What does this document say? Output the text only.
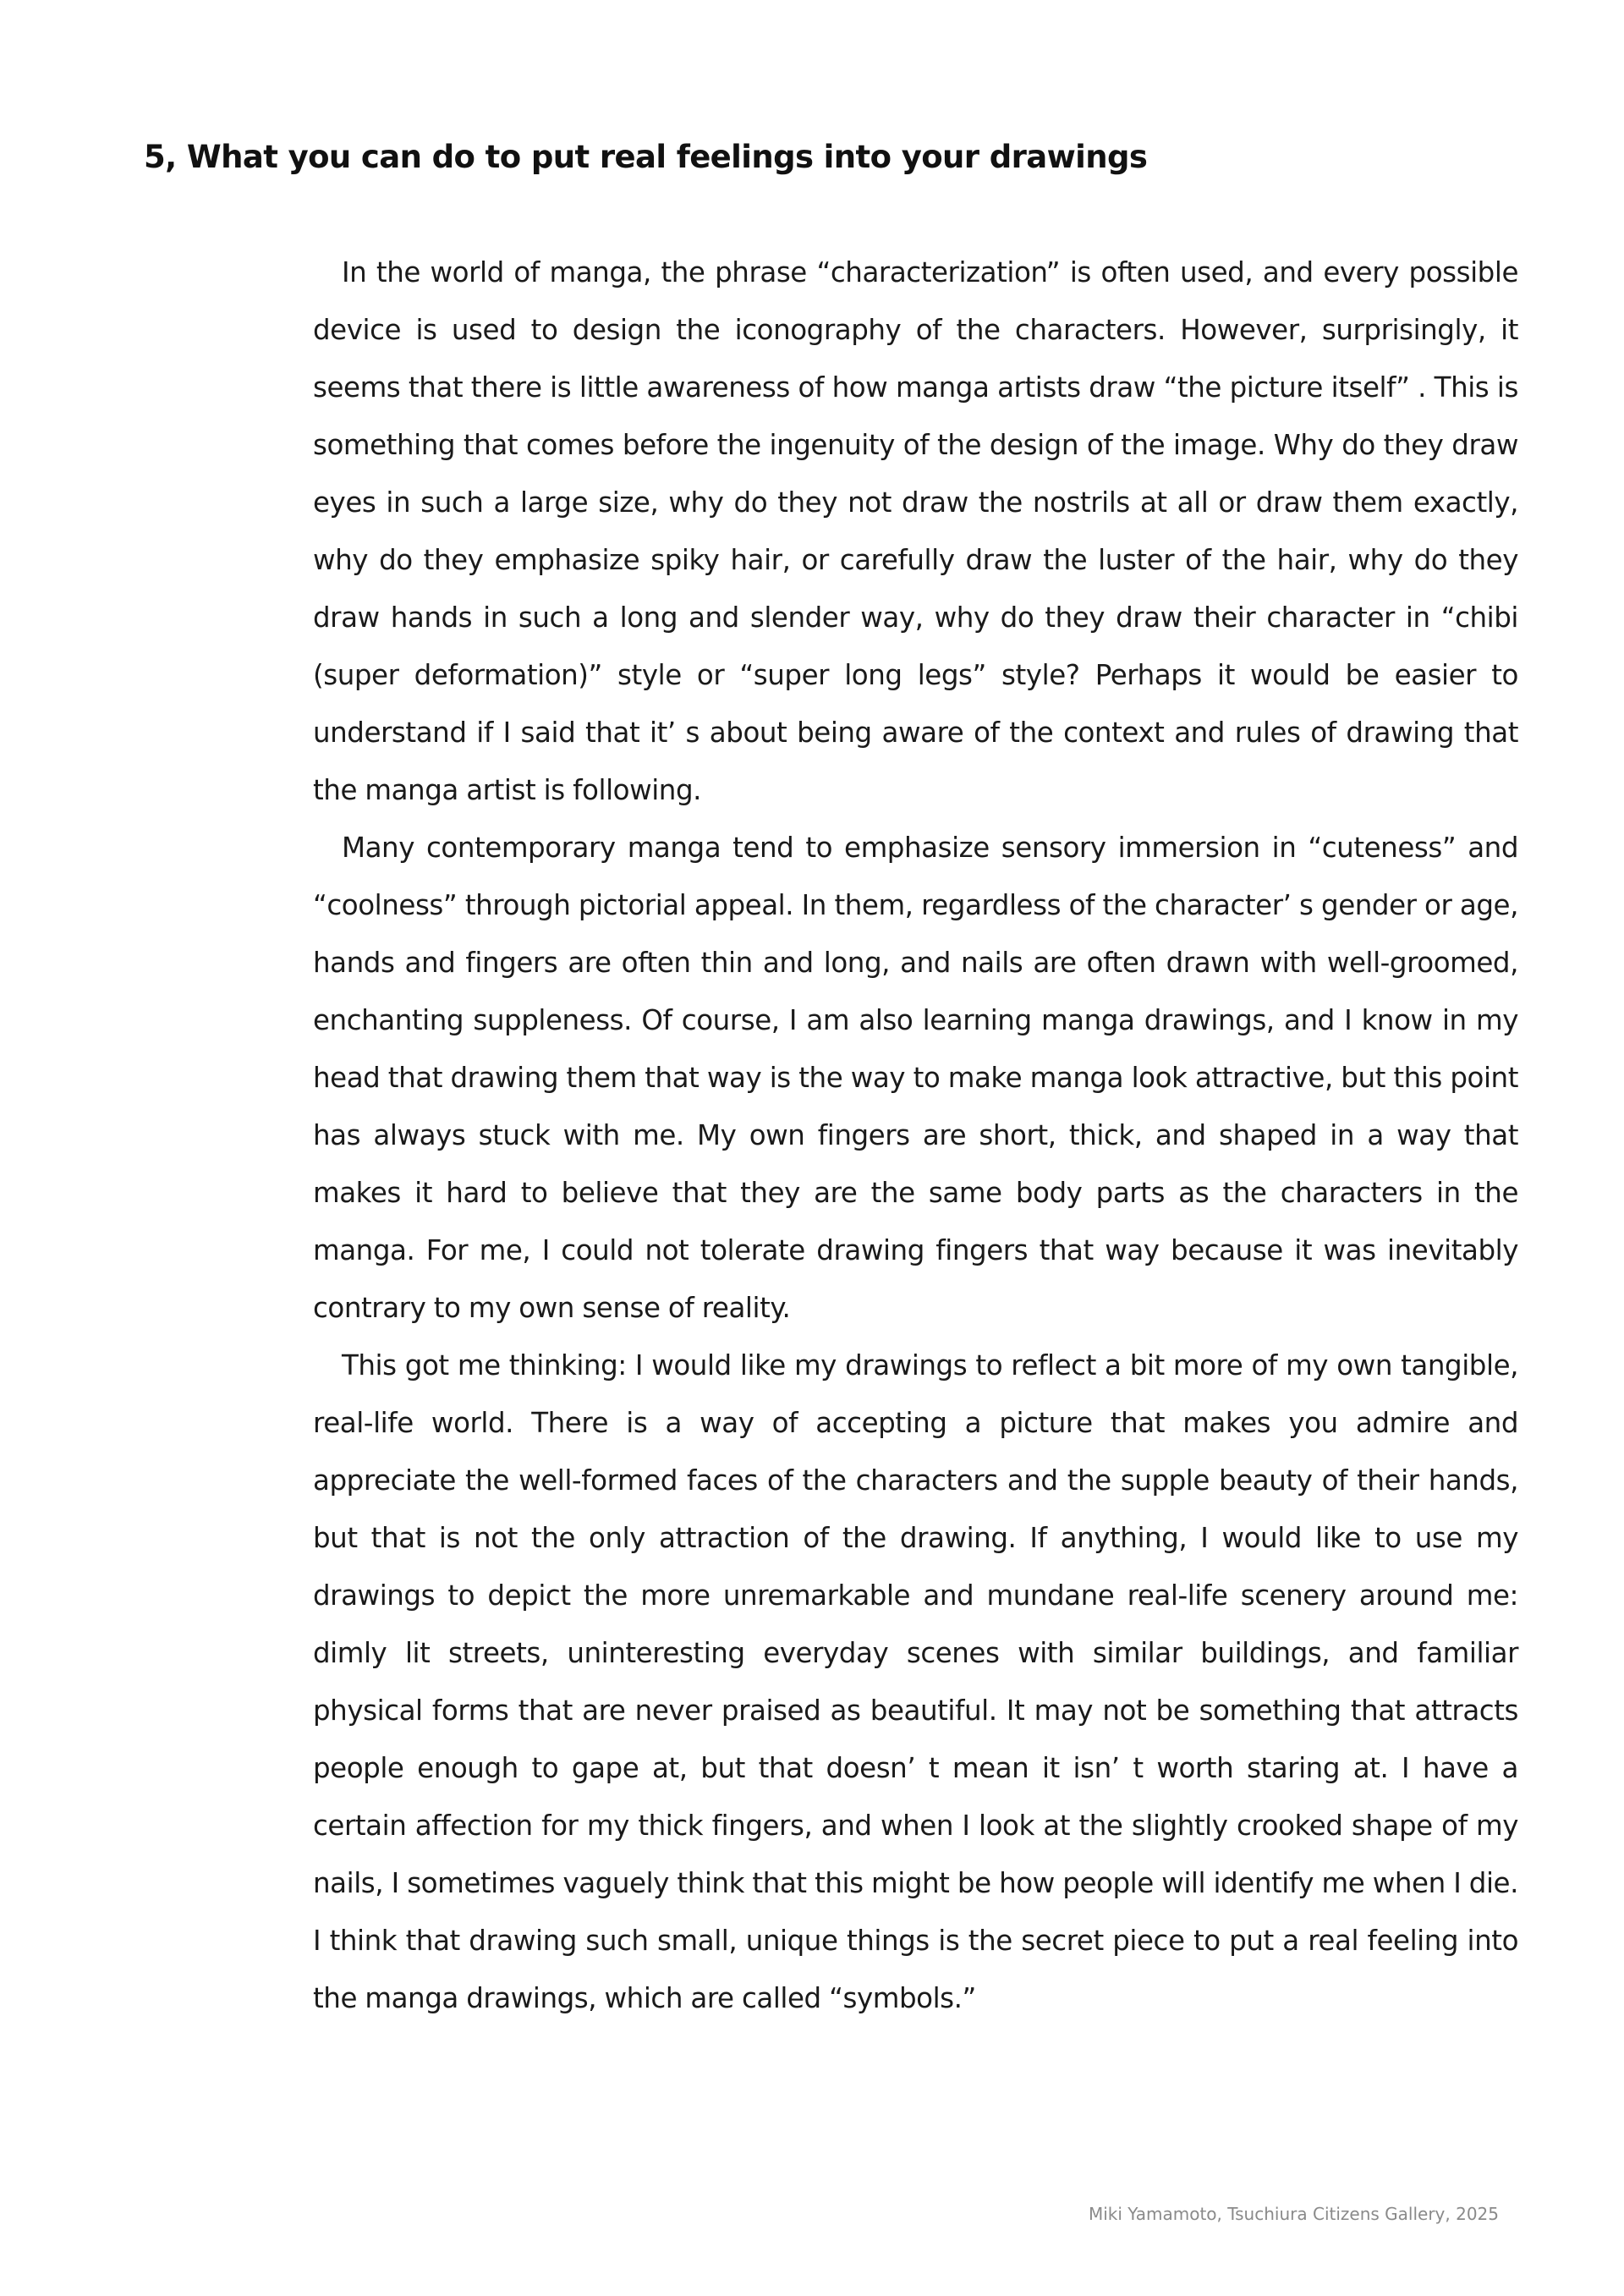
5, What you can do to put real feelings into your drawings

In the world of manga, the phrase “characterization” is often used, and every possible device is used to design the iconography of the characters. However, surprisingly, it seems that there is little awareness of how manga artists draw “the picture itself” . This is something that comes before the ingenuity of the design of the image. Why do they draw eyes in such a large size, why do they not draw the nostrils at all or draw them exactly, why do they emphasize spiky hair, or carefully draw the luster of the hair, why do they draw hands in such a long and slender way, why do they draw their character in “chibi (super deformation)” style or “super long legs” style? Perhaps it would be easier to understand if I said that it’ s about being aware of the context and rules of drawing that the manga artist is following.

Many contemporary manga tend to emphasize sensory immersion in “cuteness” and “coolness” through pictorial appeal. In them, regardless of the character’ s gender or age, hands and fingers are often thin and long, and nails are often drawn with well-groomed, enchanting suppleness. Of course, I am also learning manga drawings, and I know in my head that drawing them that way is the way to make manga look attractive, but this point has always stuck with me. My own fingers are short, thick, and shaped in a way that makes it hard to believe that they are the same body parts as the characters in the manga. For me, I could not tolerate drawing fingers that way because it was inevitably contrary to my own sense of reality.

This got me thinking: I would like my drawings to reflect a bit more of my own tangible, real-life world. There is a way of accepting a picture that makes you admire and appreciate the well-formed faces of the characters and the supple beauty of their hands, but that is not the only attraction of the drawing. If anything, I would like to use my drawings to depict the more unremarkable and mundane real-life scenery around me: dimly lit streets, uninteresting everyday scenes with similar buildings, and familiar physical forms that are never praised as beautiful. It may not be something that attracts people enough to gape at, but that doesn’ t mean it isn’ t worth staring at. I have a certain affection for my thick fingers, and when I look at the slightly crooked shape of my nails, I sometimes vaguely think that this might be how people will identify me when I die. I think that drawing such small, unique things is the secret piece to put a real feeling into the manga drawings, which are called “symbols.”

Miki Yamamoto, Tsuchiura Citizens Gallery, 2025
